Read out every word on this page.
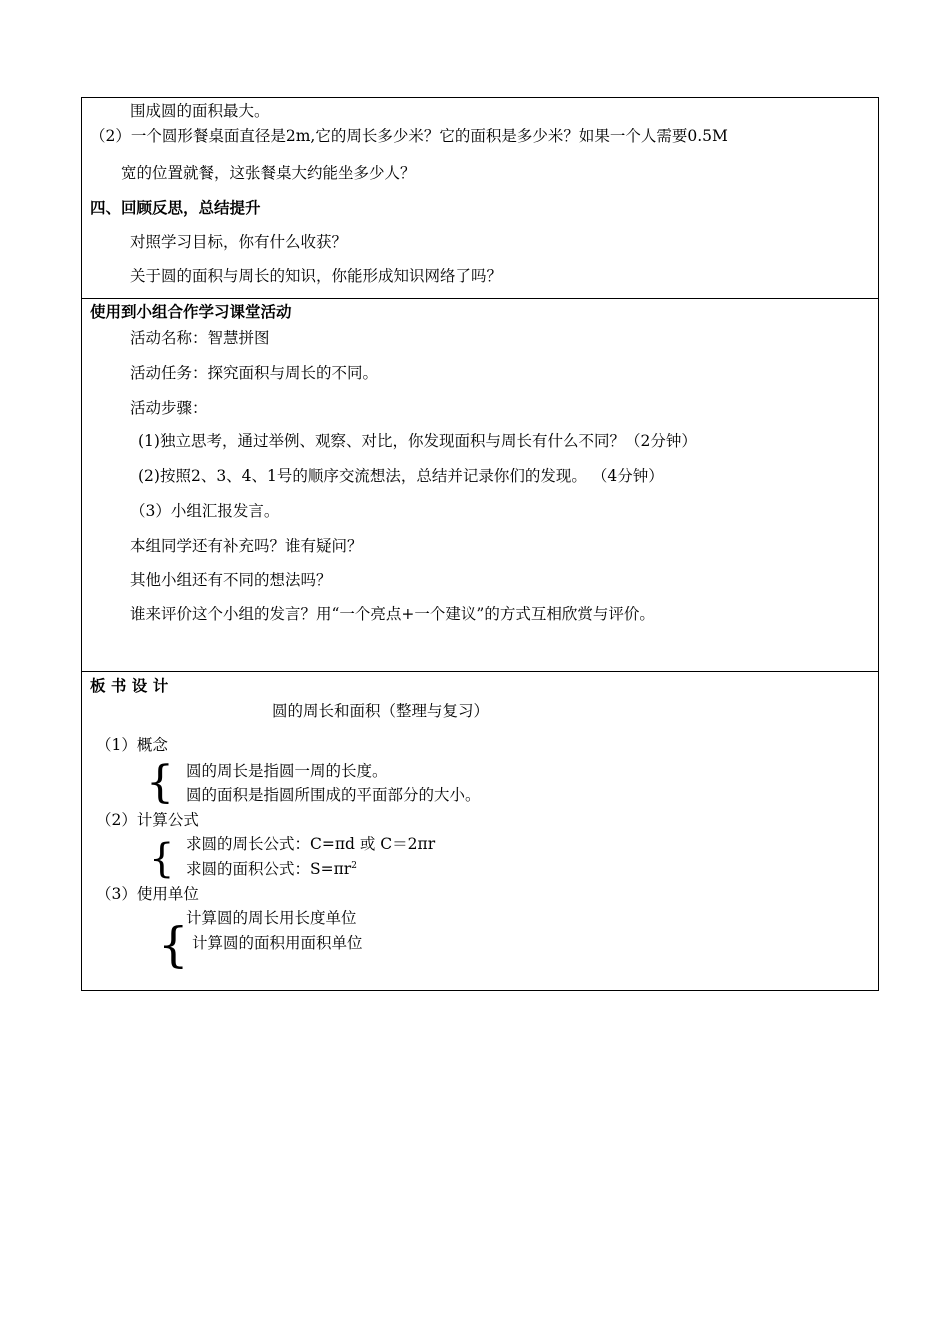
围成圆的面积最大。
（2）一个圆形餐桌面直径是2m,它的周长多少米？它的面积是多少米？如果一个人需要0.5M
宽的位置就餐，这张餐桌大约能坐多少人？
四、回顾反思，总结提升
对照学习目标，你有什么收获？
关于圆的面积与周长的知识，你能形成知识网络了吗？
使用到小组合作学习课堂活动
活动名称：智慧拼图
活动任务：探究面积与周长的不同。
活动步骤：
(1)独立思考，通过举例、观察、对比，你发现面积与周长有什么不同？（2分钟）
(2)按照2、3、4、1号的顺序交流想法，总结并记录你们的发现。 （4分钟）
（3）小组汇报发言。
本组同学还有补充吗？谁有疑问？
其他小组还有不同的想法吗？
谁来评价这个小组的发言？用“一个亮点+一个建议”的方式互相欣赏与评价。
板 书 设 计
圆的周长和面积（整理与复习）
（1）概念
{ 圆的周长是指圆一周的长度。
圆的面积是指圆所围成的平面部分的大小。
（2）计算公式
{ 求圆的周长公式：C=πd 或 C＝2πr
求圆的面积公式：$S=\pi r^2$
（3）使用单位
计算圆的周长用长度单位
{ 计算圆的面积用面积单位
